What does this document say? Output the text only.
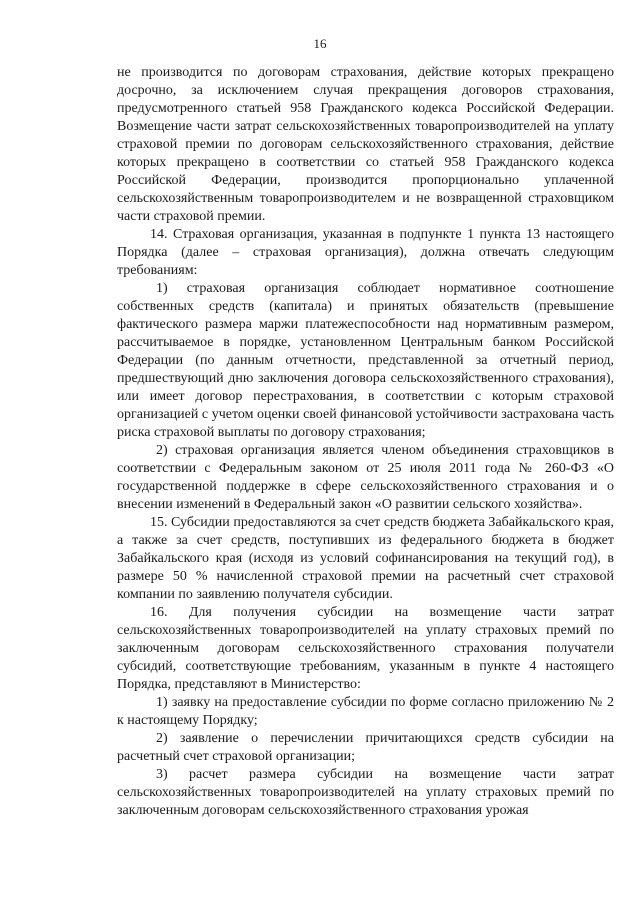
16

не производится по договорам страхования, действие которых прекращено досрочно, за исключением случая прекращения договоров страхования, предусмотренного статьей 958 Гражданского кодекса Российской Федерации. Возмещение части затрат сельскохозяйственных товаропроизводителей на уплату страховой премии по договорам сельскохозяйственного страхования, действие которых прекращено в соответствии со статьей 958 Гражданского кодекса Российской Федерации, производится пропорционально уплаченной сельскохозяйственным товаропроизводителем и не возвращенной страховщиком части страховой премии.

14. Страховая организация, указанная в подпункте 1 пункта 13 настоящего Порядка (далее – страховая организация), должна отвечать следующим требованиям:

1) страховая организация соблюдает нормативное соотношение собственных средств (капитала) и принятых обязательств (превышение фактического размера маржи платежеспособности над нормативным размером, рассчитываемое в порядке, установленном Центральным банком Российской Федерации (по данным отчетности, представленной за отчетный период, предшествующий дню заключения договора сельскохозяйственного страхования), или имеет договор перестрахования, в соответствии с которым страховой организацией с учетом оценки своей финансовой устойчивости застрахована часть риска страховой выплаты по договору страхования;

2) страховая организация является членом объединения страховщиков в соответствии с Федеральным законом от 25 июля 2011 года № 260-ФЗ «О государственной поддержке в сфере сельскохозяйственного страхования и о внесении изменений в Федеральный закон «О развитии сельского хозяйства».

15. Субсидии предоставляются за счет средств бюджета Забайкальского края, а также за счет средств, поступивших из федерального бюджета в бюджет Забайкальского края (исходя из условий софинансирования на текущий год), в размере 50 % начисленной страховой премии на расчетный счет страховой компании по заявлению получателя субсидии.

16. Для получения субсидии на возмещение части затрат сельскохозяйственных товаропроизводителей на уплату страховых премий по заключенным договорам сельскохозяйственного страхования получатели субсидий, соответствующие требованиям, указанным в пункте 4 настоящего Порядка, представляют в Министерство:

1) заявку на предоставление субсидии по форме согласно приложению № 2 к настоящему Порядку;

2) заявление о перечислении причитающихся средств субсидии на расчетный счет страховой организации;

3) расчет размера субсидии на возмещение части затрат сельскохозяйственных товаропроизводителей на уплату страховых премий по заключенным договорам сельскохозяйственного страхования урожая
